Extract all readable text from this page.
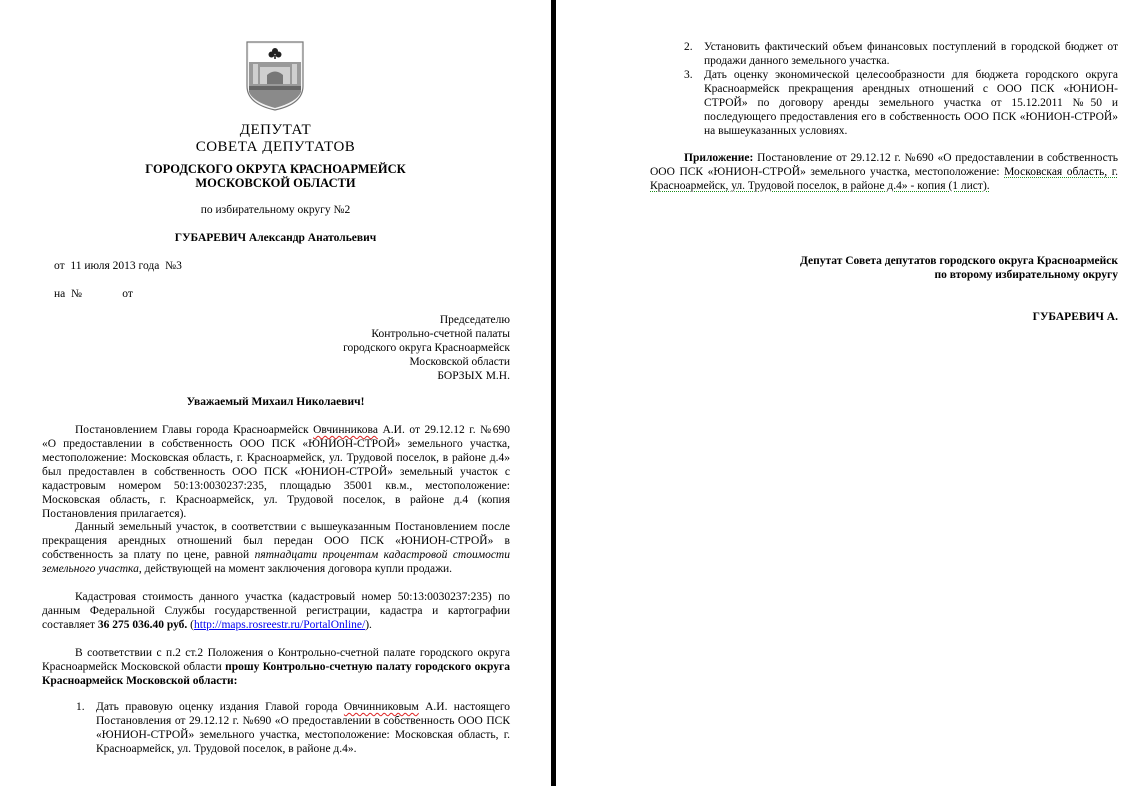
ДЕПУТАТ
СОВЕТА ДЕПУТАТОВ
ГОРОДСКОГО ОКРУГА КРАСНОАРМЕЙСК
МОСКОВСКОЙ ОБЛАСТИ
по избирательному округу №2
ГУБАРЕВИЧ Александр Анатольевич
от  11 июля 2013 года  №3
на  №              от
Председателю
Контрольно-счетной палаты
городского округа Красноармейск
Московской области
БОРЗЫХ М.Н.
Уважаемый Михаил Николаевич!
Постановлением Главы города Красноармейск Овчинникова А.И. от 29.12.12 г. №690 «О предоставлении в собственность ООО ПСК «ЮНИОН-СТРОЙ» земельного участка, местоположение: Московская область, г. Красноармейск, ул. Трудовой поселок, в районе д.4» был предоставлен в собственность ООО ПСК «ЮНИОН-СТРОЙ» земельный участок с кадастровым номером 50:13:0030237:235, площадью 35001 кв.м., местоположение: Московская область, г. Красноармейск, ул. Трудовой поселок, в районе д.4 (копия Постановления прилагается).
Данный земельный участок, в соответствии с вышеуказанным Постановлением после прекращения арендных отношений был передан ООО ПСК «ЮНИОН-СТРОЙ» в собственность за плату по цене, равной пятнадцати процентам кадастровой стоимости земельного участка, действующей на момент заключения договора купли продажи.
Кадастровая стоимость данного участка (кадастровый номер 50:13:0030237:235) по данным Федеральной Службы государственной регистрации, кадастра и картографии составляет 36 275 036.40 руб. (http://maps.rosreestr.ru/PortalOnline/).
В соответствии с п.2 ст.2 Положения о Контрольно-счетной палате городского округа Красноармейск Московской области прошу Контрольно-счетную палату городского округа Красноармейск Московской области:
1. Дать правовую оценку издания Главой города Овчинниковым А.И. настоящего Постановления от 29.12.12 г. №690 «О предоставлении в собственность ООО ПСК «ЮНИОН-СТРОЙ» земельного участка, местоположение: Московская область, г. Красноармейск, ул. Трудовой поселок, в районе д.4».
2. Установить фактический объем финансовых поступлений в городской бюджет от продажи данного земельного участка.
3. Дать оценку экономической целесообразности для бюджета городского округа Красноармейск прекращения арендных отношений с ООО ПСК «ЮНИОН-СТРОЙ» по договору аренды земельного участка от 15.12.2011 №50 и последующего предоставления его в собственность ООО ПСК «ЮНИОН-СТРОЙ» на вышеуказанных условиях.
Приложение: Постановление от 29.12.12 г. №690 «О предоставлении в собственность ООО ПСК «ЮНИОН-СТРОЙ» земельного участка, местоположение: Московская область, г. Красноармейск, ул. Трудовой поселок, в районе д.4» - копия (1 лист).
Депутат Совета депутатов городского округа Красноармейск
по второму избирательному округу
ГУБАРЕВИЧ А.
